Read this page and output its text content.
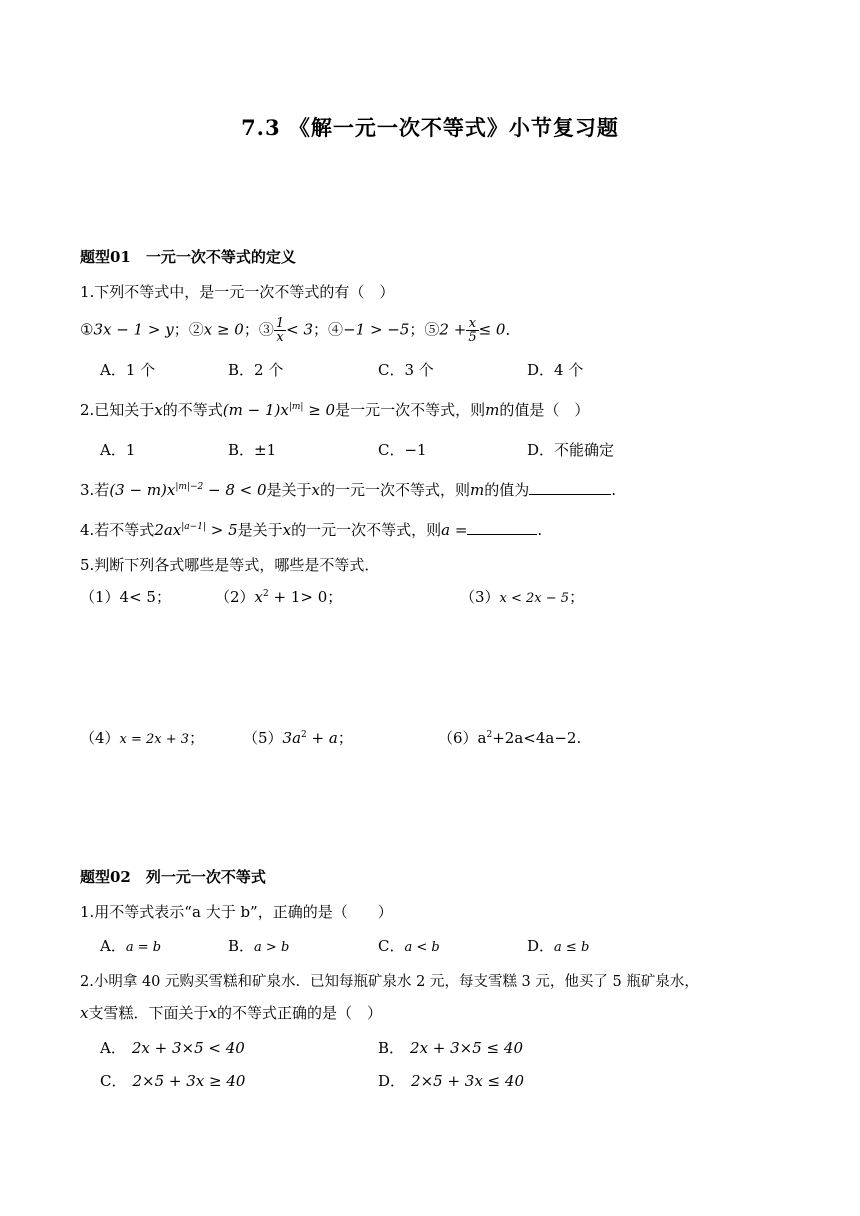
7.3 《解一元一次不等式》小节复习题
题型01　一元一次不等式的定义
1.下列不等式中，是一元一次不等式的有（　）
①3x − 1 > y；②x ≥ 0；③ $\frac{1}{x} < 3$；④−1 > −5；⑤2 + $\frac{x}{5} \le 0$．
A．1 个	B．2 个	C．3 个	D．4 个
2.已知关于x的不等式$(m - 1)x^{|m|} \ge 0$是一元一次不等式，则m的值是（　）
A．1	B．±1	C．−1	D．不能确定
3.若$(3 - m)x^{|m|-2} - 8 < 0$是关于x的一元一次不等式，则m的值为	.
4.若不等式$2ax^{|a-1|} > 5$是关于x的一元一次不等式，则a =	.
5.判断下列各式哪些是等式，哪些是不等式．
（1）4< 5；	$(2)x^2 + 1> 0$；	（3）x < 2x − 5；
（4）x = 2x + 3；	$(5)3a^2 + a$；	$(6)a^2+2a<4a-2$.
题型02　列一元一次不等式
1.用不等式表示“a 大于 b”，正确的是（　　）
A．a = b	B．a > b	C．a < b	D．a ≤ b
2.小明拿 40 元购买雪糕和矿泉水．已知每瓶矿泉水 2 元，每支雪糕 3 元，他买了 5 瓶矿泉水，
x支雪糕．下面关于x的不等式正确的是（　）
A． 2x + 3×5 < 40	B． 2x + 3×5 ≤ 40
C． 2×5 + 3x ≥ 40	D． 2×5 + 3x ≤ 40
